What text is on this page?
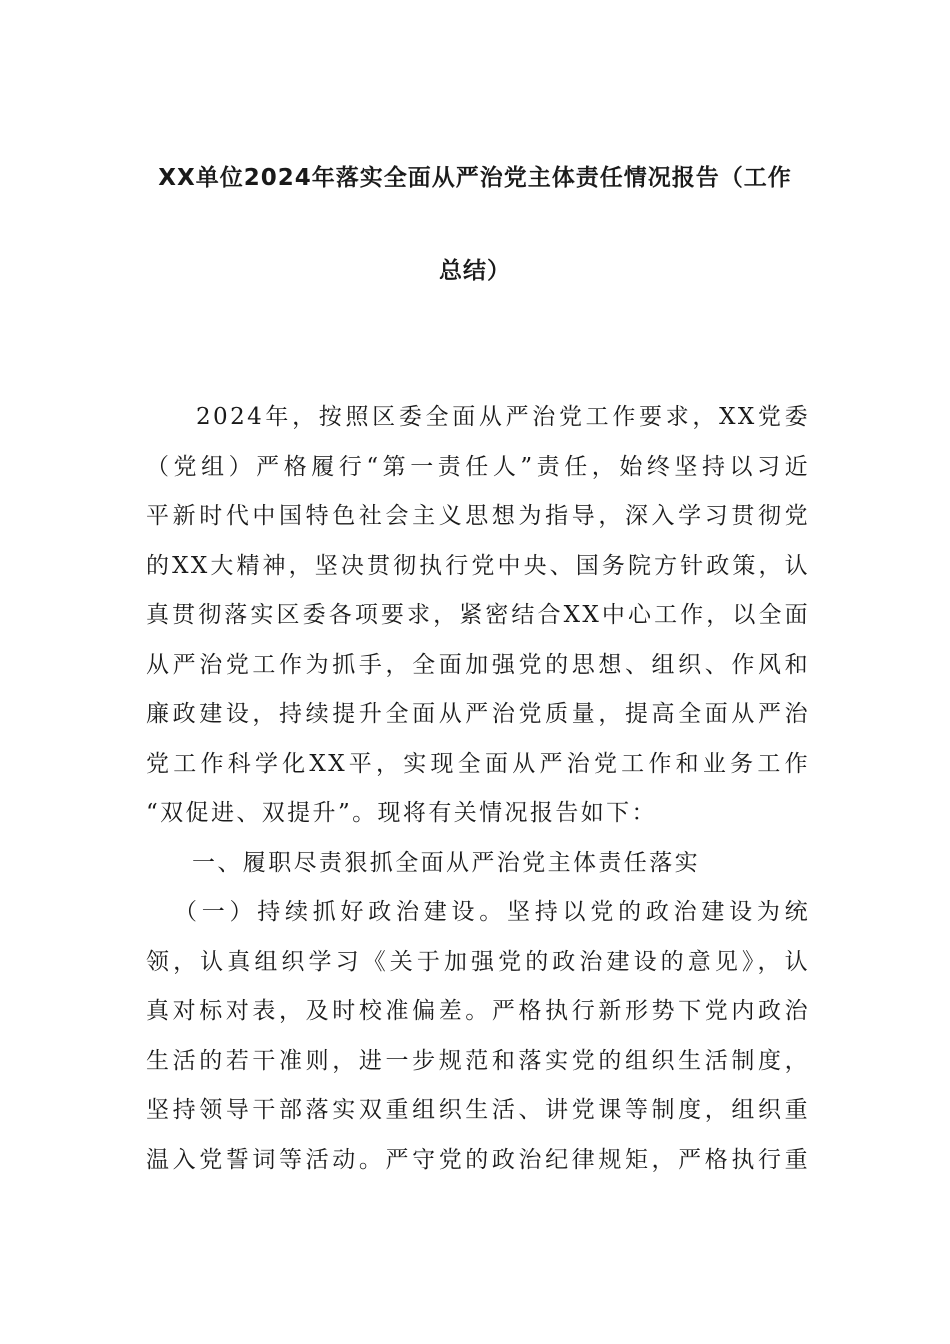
XX单位2024年落实全面从严治党主体责任情况报告（工作
总结）
2024年，按照区委全面从严治党工作要求，XX党委
（党组）严格履行“第一责任人”责任，始终坚持以习近
平新时代中国特色社会主义思想为指导，深入学习贯彻党
的XX大精神，坚决贯彻执行党中央、国务院方针政策，认
真贯彻落实区委各项要求，紧密结合XX中心工作，以全面
从严治党工作为抓手，全面加强党的思想、组织、作风和
廉政建设，持续提升全面从严治党质量，提高全面从严治
党工作科学化XX平，实现全面从严治党工作和业务工作
“双促进、双提升”。现将有关情况报告如下：
一、履职尽责狠抓全面从严治党主体责任落实
（一）持续抓好政治建设。坚持以党的政治建设为统
领，认真组织学习《关于加强党的政治建设的意见》，认
真对标对表，及时校准偏差。严格执行新形势下党内政治
生活的若干准则，进一步规范和落实党的组织生活制度，
坚持领导干部落实双重组织生活、讲党课等制度，组织重
温入党誓词等活动。严守党的政治纪律规矩，严格执行重
